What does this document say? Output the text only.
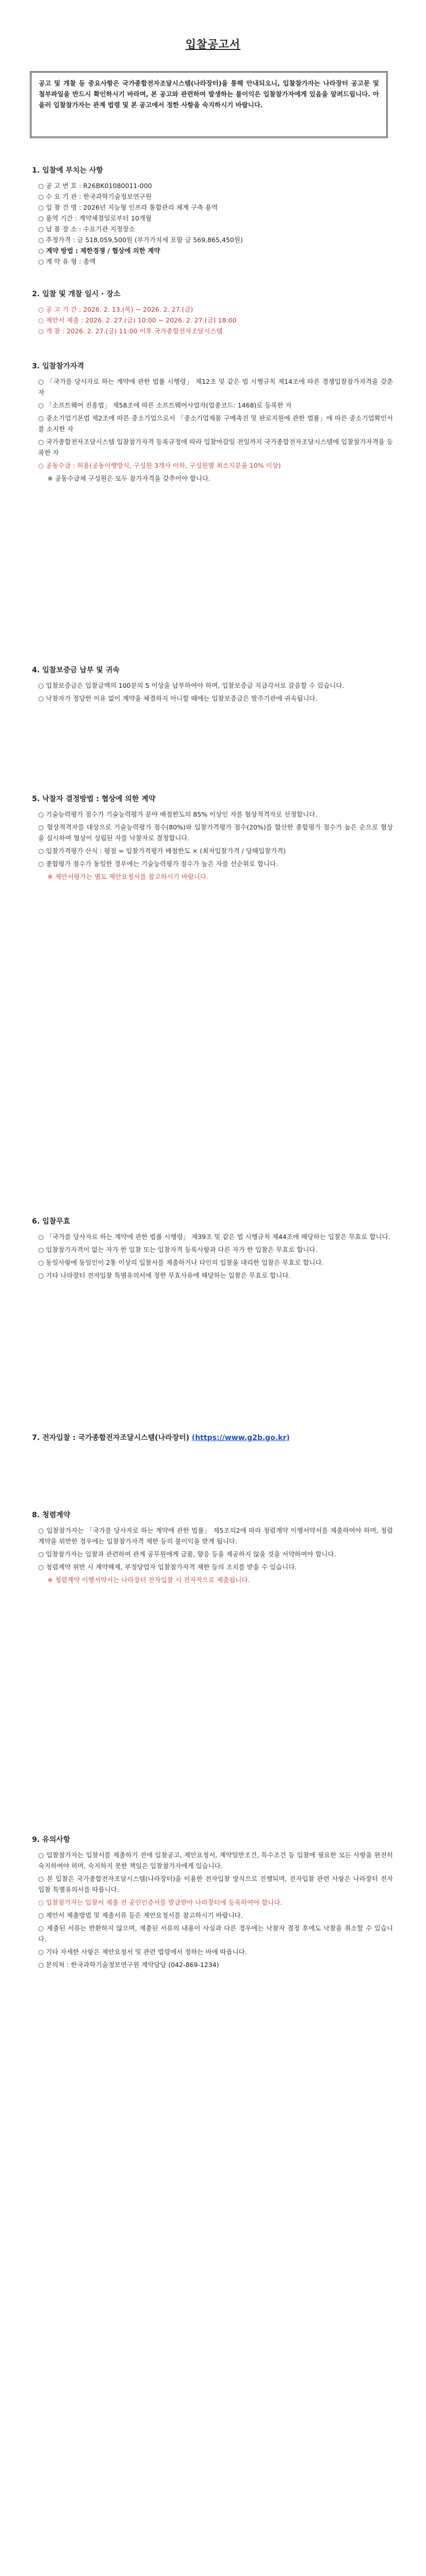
입찰공고서

공고 및 개찰 등 중요사항은 국가종합전자조달시스템(나라장터)을 통해 안내되오니, 입찰참가자는 나라장터 공고문 및 첨부파일을 반드시 확인하시기 바라며, 본 공고와 관련하여 발생하는 불이익은 입찰참가자에게 있음을 알려드립니다. 아울러 입찰참가자는 관계 법령 및 본 공고에서 정한 사항을 숙지하시기 바랍니다.

1. 입찰에 부치는 사항

○ 공 고 번 호 : R26BK01080011-000

○ 수 요 기 관 : 한국과학기술정보연구원

○ 입 찰 건 명 : 2026년 지능형 인프라 통합관리 체계 구축 용역

○ 용역 기간 : 계약체결일로부터 10개월

○ 납 품 장 소 : 수요기관 지정장소

○ 추정가격 : 금 518,059,500원 (부가가치세 포함 금 569,865,450원)

○ 계약 방법 : 제한경쟁 / 협상에 의한 계약

○ 계 약 유 형 : 총액

2. 입찰 및 개찰 일시 · 장소

○ 공 고 기 간 : 2026. 2. 13.(목) ~ 2026. 2. 27.(금)

○ 제안서 제출 : 2026. 2. 27.(금) 10:00 ~ 2026. 2. 27.(금) 18:00

○ 개 찰 : 2026. 2. 27.(금) 11:00 이후 국가종합전자조달시스템

3. 입찰참가자격

○ 「국가를 당사자로 하는 계약에 관한 법률 시행령」 제12조 및 같은 법 시행규칙 제14조에 따른 경쟁입찰참가자격을 갖춘 자

○ 「소프트웨어 진흥법」 제58조에 따른 소프트웨어사업자(업종코드: 1468)로 등록한 자

○ 중소기업기본법 제2조에 따른 중소기업으로서 「중소기업제품 구매촉진 및 판로지원에 관한 법률」에 따른 중소기업확인서를 소지한 자

○ 국가종합전자조달시스템 입찰참가자격 등록규정에 따라 입찰마감일 전일까지 국가종합전자조달시스템에 입찰참가자격을 등록한 자

○ 공동수급 : 허용(공동이행방식, 구성원 3개사 이하, 구성원별 최소지분율 10% 이상)

※ 공동수급체 구성원은 모두 참가자격을 갖추어야 합니다.

4. 입찰보증금 납부 및 귀속

○ 입찰보증금은 입찰금액의 100분의 5 이상을 납부하여야 하며, 입찰보증금 지급각서로 갈음할 수 있습니다.

○ 낙찰자가 정당한 이유 없이 계약을 체결하지 아니할 때에는 입찰보증금은 발주기관에 귀속됩니다.

5. 낙찰자 결정방법 : 협상에 의한 계약

○ 기술능력평가 점수가 기술능력평가 분야 배점한도의 85% 이상인 자를 협상적격자로 선정합니다.

○ 협상적격자를 대상으로 기술능력평가 점수(80%)와 입찰가격평가 점수(20%)를 합산한 종합평가 점수가 높은 순으로 협상을 실시하여 협상이 성립된 자를 낙찰자로 결정합니다.

○ 입찰가격평가 산식 : 평점 = 입찰가격평가 배점한도 × (최저입찰가격 / 당해입찰가격)

○ 종합평가 점수가 동일한 경우에는 기술능력평가 점수가 높은 자를 선순위로 합니다.

※ 제안서평가는 별도 제안요청서를 참고하시기 바랍니다.

6. 입찰무효

○ 「국가를 당사자로 하는 계약에 관한 법률 시행령」 제39조 및 같은 법 시행규칙 제44조에 해당하는 입찰은 무효로 합니다.

○ 입찰참가자격이 없는 자가 한 입찰 또는 입찰자격 등록사항과 다른 자가 한 입찰은 무효로 합니다.

○ 동일사항에 동일인이 2통 이상의 입찰서를 제출하거나 타인의 입찰을 대리한 입찰은 무효로 합니다.

○ 기타 나라장터 전자입찰 특별유의서에 정한 무효사유에 해당하는 입찰은 무효로 합니다.

7. 전자입찰 : 국가종합전자조달시스템(나라장터) (https://www.g2b.go.kr)

8. 청렴계약

○ 입찰참가자는 「국가를 당사자로 하는 계약에 관한 법률」 제5조의2에 따라 청렴계약 이행서약서를 제출하여야 하며, 청렴계약을 위반한 경우에는 입찰참가자격 제한 등의 불이익을 받게 됩니다.

○ 입찰참가자는 입찰과 관련하여 관계 공무원에게 금품, 향응 등을 제공하지 않을 것을 서약하여야 합니다.

○ 청렴계약 위반 시 계약해제, 부정당업자 입찰참가자격 제한 등의 조치를 받을 수 있습니다.

※ 청렴계약 이행서약서는 나라장터 전자입찰 시 전자적으로 제출됩니다.

9. 유의사항

○ 입찰참가자는 입찰서를 제출하기 전에 입찰공고, 제안요청서, 계약일반조건, 특수조건 등 입찰에 필요한 모든 사항을 완전히 숙지하여야 하며, 숙지하지 못한 책임은 입찰참가자에게 있습니다.

○ 본 입찰은 국가종합전자조달시스템(나라장터)을 이용한 전자입찰 방식으로 진행되며, 전자입찰 관련 사항은 나라장터 전자입찰 특별유의서를 따릅니다.

○ 입찰참가자는 입찰서 제출 전 공인인증서를 발급받아 나라장터에 등록하여야 합니다.

○ 제안서 제출방법 및 제출서류 등은 제안요청서를 참고하시기 바랍니다.

○ 제출된 서류는 반환하지 않으며, 제출된 서류의 내용이 사실과 다른 경우에는 낙찰자 결정 후에도 낙찰을 취소할 수 있습니다.

○ 기타 자세한 사항은 제안요청서 및 관련 법령에서 정하는 바에 따릅니다.

○ 문의처 : 한국과학기술정보연구원 계약담당 (042-869-1234)
